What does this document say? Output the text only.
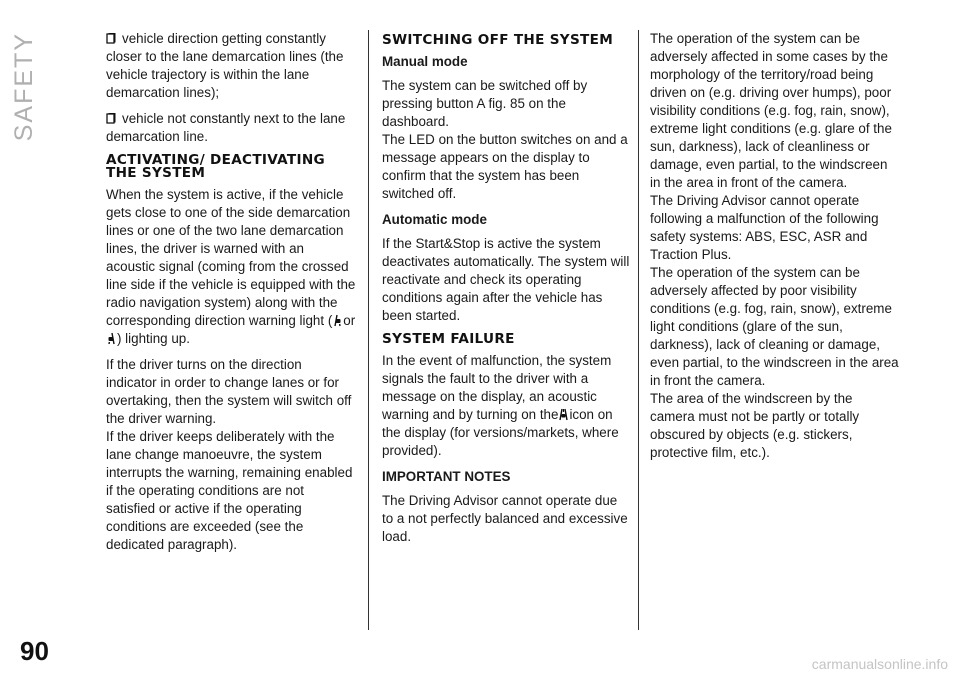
SAFETY
90	carmanualsonline.info

vehicle direction getting constantly closer to the lane demarcation lines (the vehicle trajectory is within the lane demarcation lines);

vehicle not constantly next to the lane demarcation line.

ACTIVATING/ DEACTIVATING THE SYSTEM

When the system is active, if the vehicle gets close to one of the side demarcation lines or one of the two lane demarcation lines, the driver is warned with an acoustic signal (coming from the crossed line side if the vehicle is equipped with the radio navigation system) along with the corresponding direction warning light ( or) lighting up.

If the driver turns on the direction indicator in order to change lanes or for overtaking, then the system will switch off the driver warning.

If the driver keeps deliberately with the lane change manoeuvre, the system interrupts the warning, remaining enabled if the operating conditions are not satisfied or active if the operating conditions are exceeded (see the dedicated paragraph).

SWITCHING OFF THE SYSTEM
Manual mode

The system can be switched off by pressing button A fig. 85 on the dashboard.

The LED on the button switches on and a message appears on the display to confirm that the system has been switched off.

Automatic mode

If the Start&Stop is active the system deactivates automatically. The system will reactivate and check its operating conditions again after the vehicle has been started.

SYSTEM FAILURE

In the event of malfunction, the system signals the fault to the driver with a message on the display, an acoustic warning and by turning on the icon on the display (for versions/markets, where provided).

IMPORTANT NOTES

The Driving Advisor cannot operate due to a not perfectly balanced and excessive load.

The operation of the system can be adversely affected in some cases by the morphology of the territory/road being driven on (e.g. driving over humps), poor visibility conditions (e.g. fog, rain, snow), extreme light conditions (e.g. glare of the sun, darkness), lack of cleanliness or damage, even partial, to the windscreen in the area in front of the camera.

The Driving Advisor cannot operate following a malfunction of the following safety systems: ABS, ESC, ASR and Traction Plus.

The operation of the system can be adversely affected by poor visibility conditions (e.g. fog, rain, snow), extreme light conditions (glare of the sun, darkness), lack of cleaning or damage, even partial, to the windscreen in the area in front the camera.

The area of the windscreen by the camera must not be partly or totally obscured by objects (e.g. stickers, protective film, etc.).
